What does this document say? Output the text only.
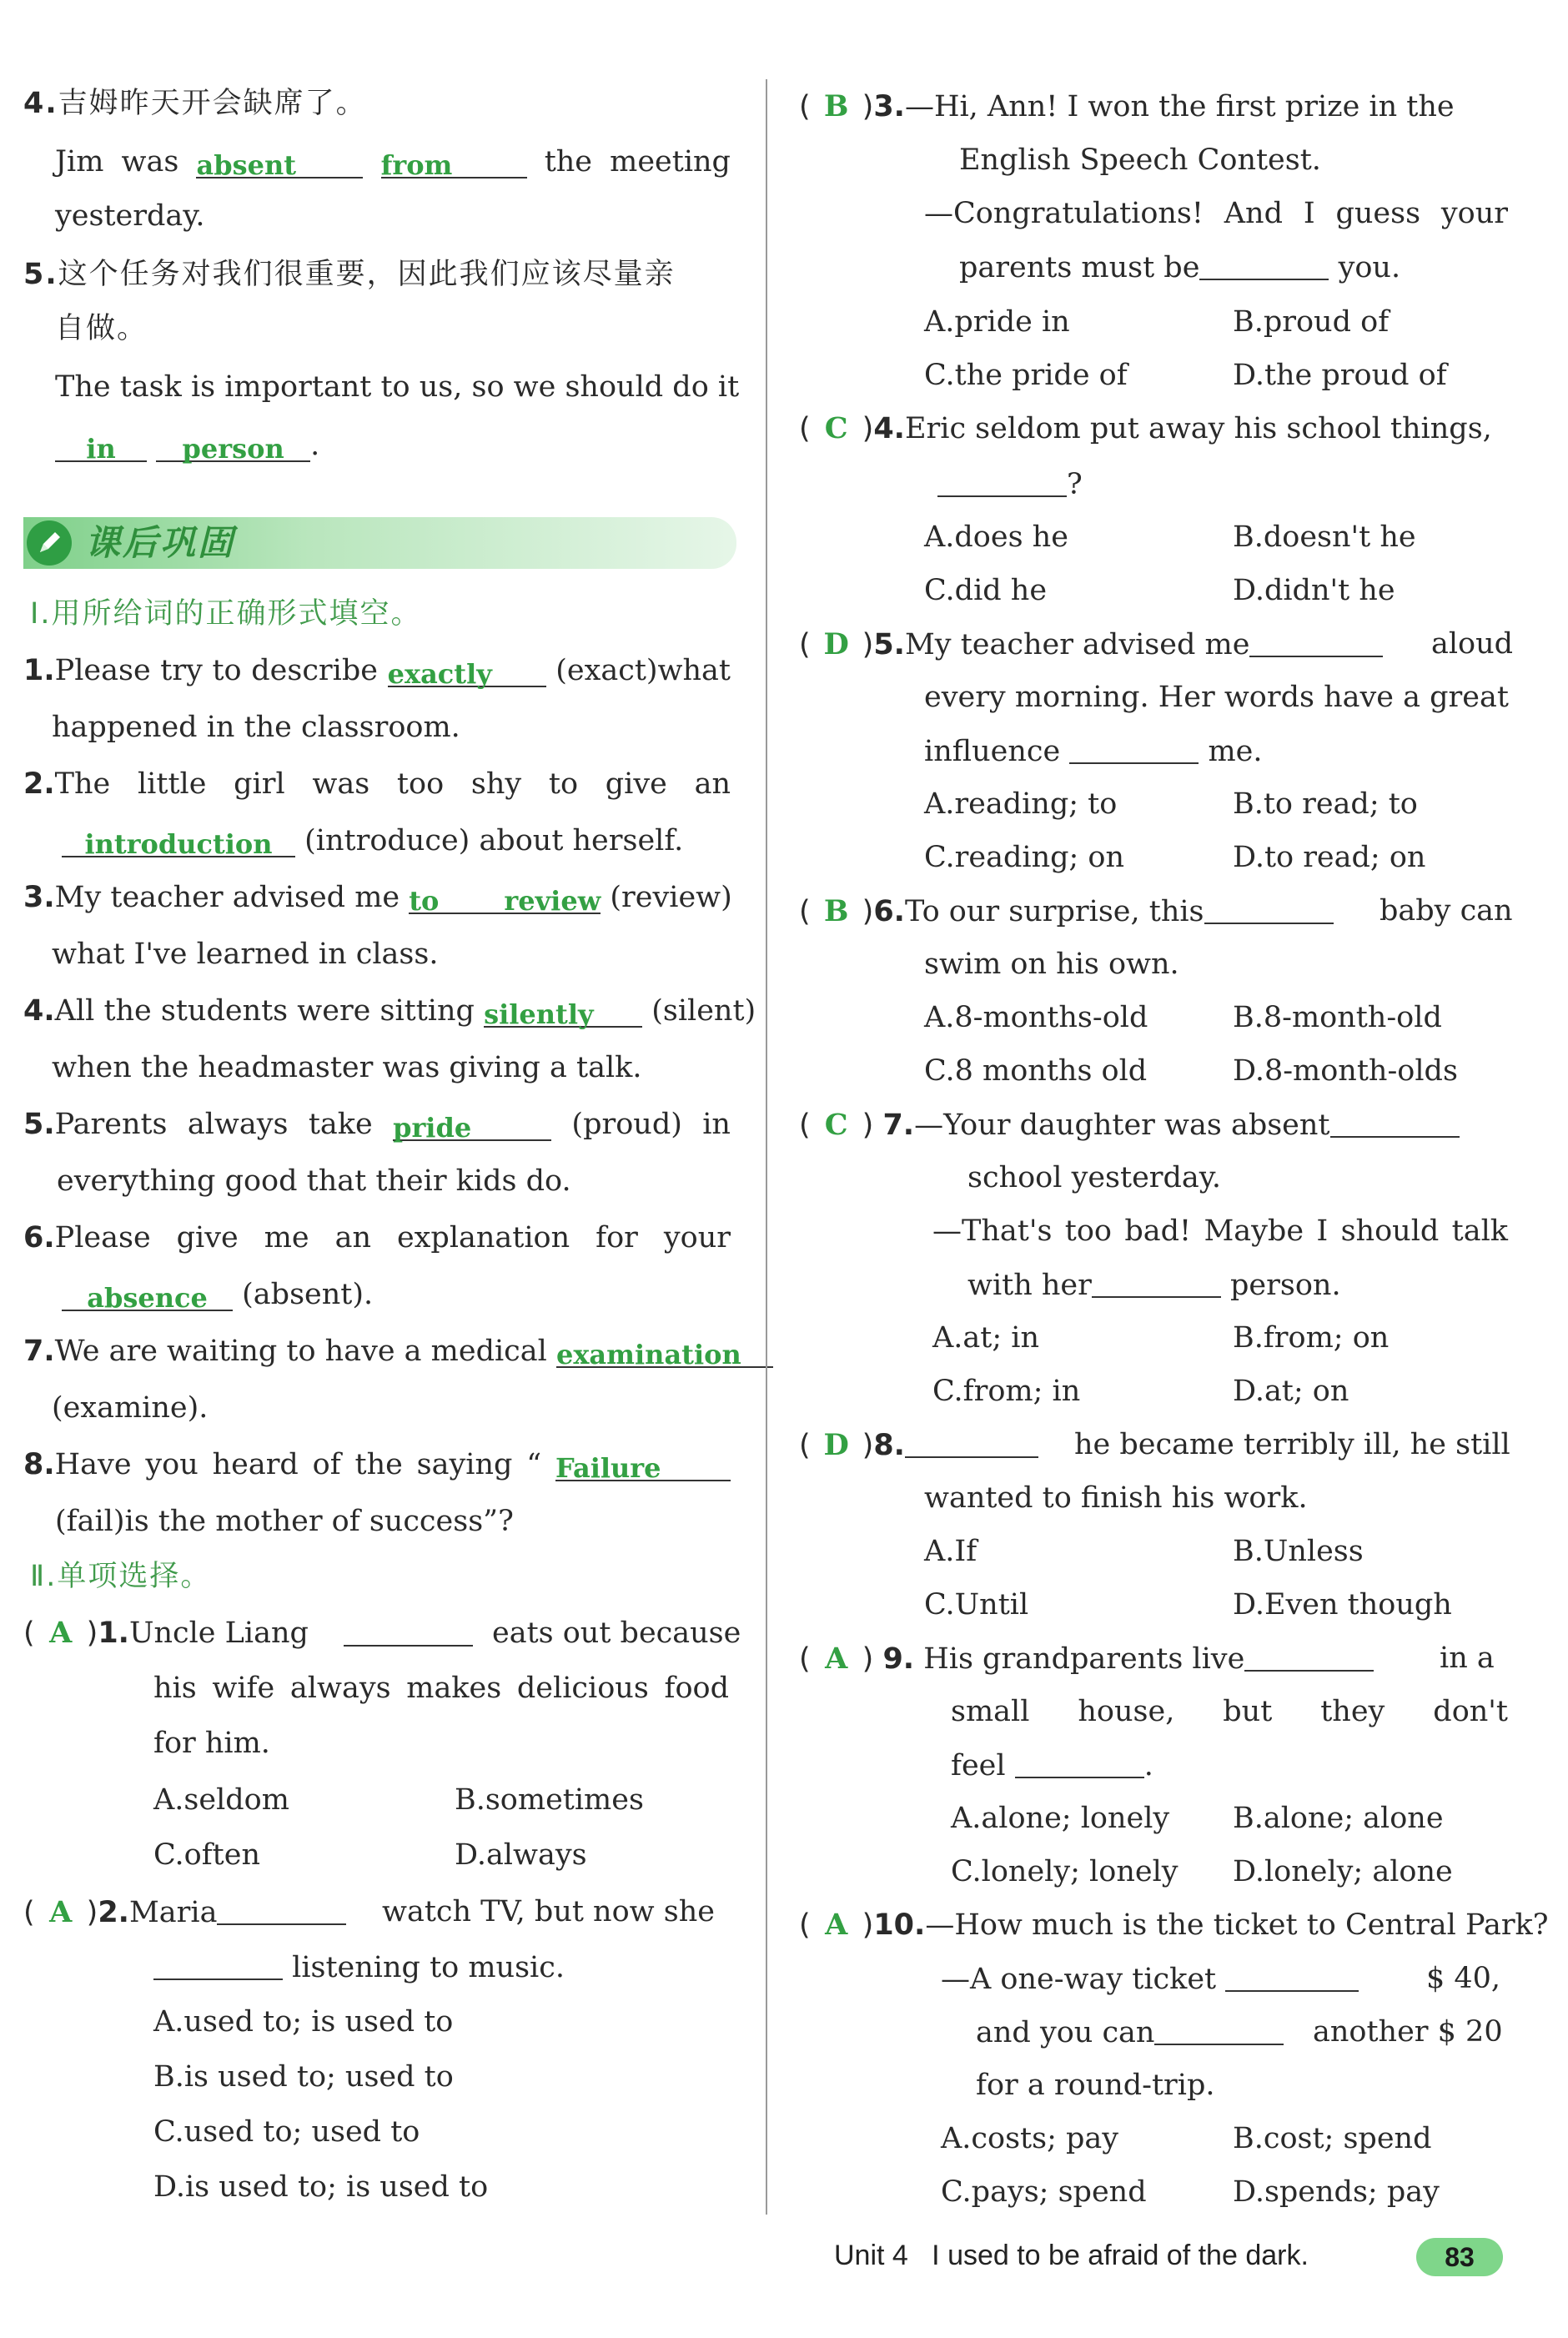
4.吉姆昨天开会缺席了。
Jim was absent	from	the meeting
yesterday.
5.这个任务对我们很重要，因此我们应该尽量亲
自做。
The task is important to us, so we should do it
in person .
课后巩固
Ⅰ.用所给词的正确形式填空。
1.Please try to describe exactly (exact)what
happened in the classroom.
2.The little girl was too shy to give an
introduction (introduce) about herself.
3.My teacher advised me to review (review)
what I've learned in class.
4.All the students were sitting silently (silent)
when the headmaster was giving a talk.
5.Parents always take pride	(proud) in
everything good that their kids do.
6.Please give me an explanation for your
absence (absent).
7.We are waiting to have a medical examination
(examine).
8.Have you heard of the saying “ Failure
(fail)is the mother of success”?
Ⅱ.单项选择。
( A )1.Uncle Liang	eats out because
his wife always makes delicious food
for him.
A.seldom	B.sometimes
C.often	D.always
( A )2.Maria	watch TV, but now she
listening to music.
A.used to; is used to
B.is used to; used to
C.used to; used to
D.is used to; is used to
( B )3.—Hi, Ann! I won the first prize in the
English Speech Contest.
—Congratulations! And I guess your
parents must be	you.
A.pride in	B.proud of
C.the pride of	D.the proud of
( C )4.Eric seldom put away his school things,
?
A.does he	B.doesn't he
C.did he	D.didn't he
( D )5.My teacher advised me	aloud
every morning. Her words have a great
influence	me.
A.reading; to	B.to read; to
C.reading; on	D.to read; on
( B )6.To our surprise, this	baby can
swim on his own.
A.8-months-old	B.8-month-old
C.8 months old	D.8-month-olds
( C ) 7.—Your daughter was absent
school yesterday.
—That's too bad! Maybe I should talk
with her	person.
A.at; in	B.from; on
C.from; in	D.at; on
( D )8.	he became terribly ill, he still
wanted to finish his work.
A.If	B.Unless
C.Until	D.Even though
( A ) 9. His grandparents live	in a
small house, but they don't
feel	.
A.alone; lonely B.alone; alone
C.lonely; lonely D.lonely; alone
( A )10.—How much is the ticket to Central Park?
—A one-way ticket	$ 40,
and you can	another $ 20
for a round-trip.
A.costs; pay	B.cost; spend
C.pays; spend	D.spends; pay
Unit 4 I used to be afraid of the dark.	83
